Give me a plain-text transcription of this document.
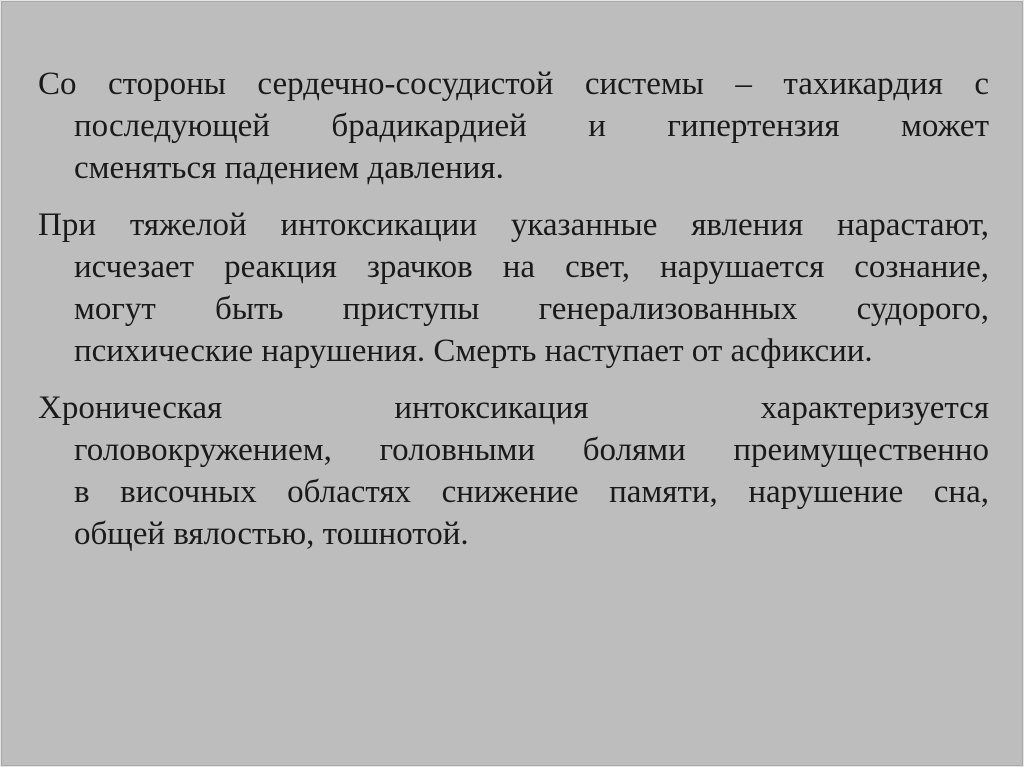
Со стороны сердечно-сосудистой системы – тахикардия с
последующей брадикардией и гипертензия может
сменяться падением давления.
При тяжелой интоксикации указанные явления нарастают,
исчезает реакция зрачков на свет, нарушается сознание,
могут быть приступы генерализованных судорого,
психические нарушения. Смерть наступает от асфиксии.
Хроническая интоксикация характеризуется
головокружением, головными болями преимущественно
в височных областях снижение памяти, нарушение сна,
общей вялостью, тошнотой.
